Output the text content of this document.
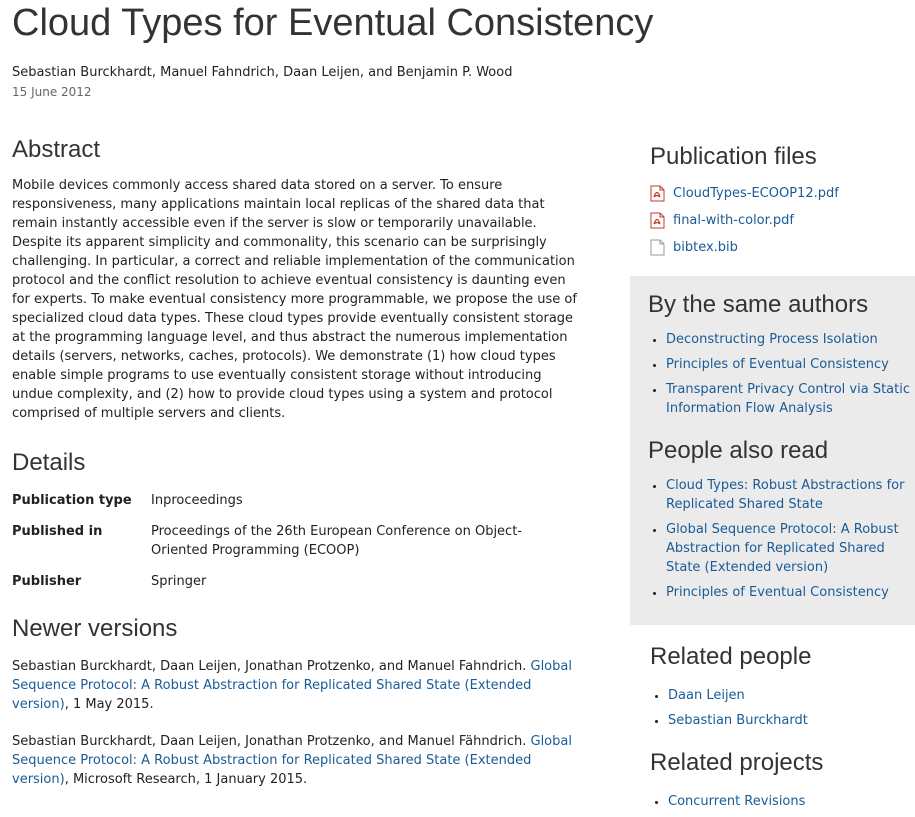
Cloud Types for Eventual Consistency
Sebastian Burckhardt, Manuel Fahndrich, Daan Leijen, and Benjamin P. Wood
15 June 2012
Abstract

Mobile devices commonly access shared data stored on a server. To ensure responsiveness, many applications maintain local replicas of the shared data that remain instantly accessible even if the server is slow or temporarily unavailable. Despite its apparent simplicity and commonality, this scenario can be surprisingly challenging. In particular, a correct and reliable implementation of the communication protocol and the conflict resolution to achieve eventual consistency is daunting even for experts. To make eventual consistency more programmable, we propose the use of specialized cloud data types. These cloud types provide eventually consistent storage at the programming language level, and thus abstract the numerous implementation details (servers, networks, caches, protocols). We demonstrate (1) how cloud types enable simple programs to use eventually consistent storage without introducing undue complexity, and (2) how to provide cloud types using a system and protocol comprised of multiple servers and clients.

Details
Publication type	Inproceedings
Published in	Proceedings of the 26th European Conference on Object-Oriented Programming (ECOOP)
Publisher	Springer
Newer versions

Sebastian Burckhardt, Daan Leijen, Jonathan Protzenko, and Manuel Fahndrich. Global Sequence Protocol: A Robust Abstraction for Replicated Shared State (Extended version), 1 May 2015.

Sebastian Burckhardt, Daan Leijen, Jonathan Protzenko, and Manuel Fähndrich. Global Sequence Protocol: A Robust Abstraction for Replicated Shared State (Extended version), Microsoft Research, 1 January 2015.

Publication files
CloudTypes-ECOOP12.pdf
final-with-color.pdf
bibtex.bib
By the same authors
• Deconstructing Process Isolation
• Principles of Eventual Consistency
• Transparent Privacy Control via Static Information Flow Analysis
People also read
• Cloud Types: Robust Abstractions for Replicated Shared State
• Global Sequence Protocol: A Robust Abstraction for Replicated Shared State (Extended version)
• Principles of Eventual Consistency
Related people
• Daan Leijen
• Sebastian Burckhardt
Related projects
• Concurrent Revisions
